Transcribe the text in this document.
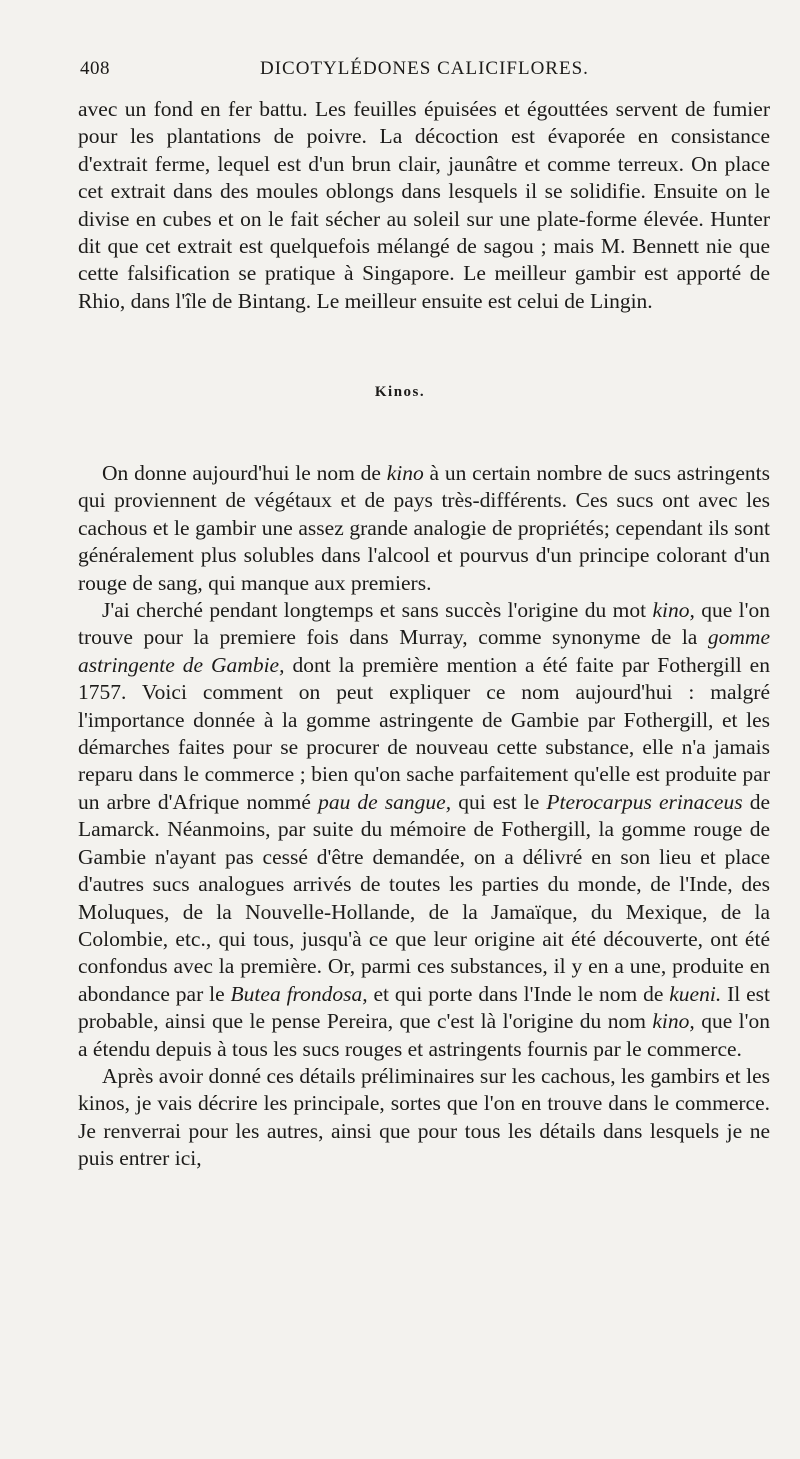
408	DICOTYLÉDONES CALICIFLORES.

avec un fond en fer battu. Les feuilles épuisées et égouttées servent de fumier pour les plantations de poivre. La décoction est évaporée en consistance d'extrait ferme, lequel est d'un brun clair, jaunâtre et comme terreux. On place cet extrait dans des moules oblongs dans lesquels il se solidifie. Ensuite on le divise en cubes et on le fait sécher au soleil sur une plate-forme élevée. Hunter dit que cet extrait est quelquefois mélangé de sagou ; mais M. Bennett nie que cette falsification se pratique à Singapore. Le meilleur gambir est apporté de Rhio, dans l'île de Bintang. Le meilleur ensuite est celui de Lingin.

Kinos.

On donne aujourd'hui le nom de kino à un certain nombre de sucs astringents qui proviennent de végétaux et de pays très-différents. Ces sucs ont avec les cachous et le gambir une assez grande analogie de propriétés; cependant ils sont généralement plus solubles dans l'alcool et pourvus d'un principe colorant d'un rouge de sang, qui manque aux premiers.

J'ai cherché pendant longtemps et sans succès l'origine du mot kino, que l'on trouve pour la premiere fois dans Murray, comme synonyme de la gomme astringente de Gambie, dont la première mention a été faite par Fothergill en 1757. Voici comment on peut expliquer ce nom aujourd'hui : malgré l'importance donnée à la gomme astringente de Gambie par Fothergill, et les démarches faites pour se procurer de nouveau cette substance, elle n'a jamais reparu dans le commerce ; bien qu'on sache parfaitement qu'elle est produite par un arbre d'Afrique nommé pau de sangue, qui est le Pterocarpus erinaceus de Lamarck. Néanmoins, par suite du mémoire de Fothergill, la gomme rouge de Gambie n'ayant pas cessé d'être demandée, on a délivré en son lieu et place d'autres sucs analogues arrivés de toutes les parties du monde, de l'Inde, des Moluques, de la Nouvelle-Hollande, de la Jamaïque, du Mexique, de la Colombie, etc., qui tous, jusqu'à ce que leur origine ait été découverte, ont été confondus avec la première. Or, parmi ces substances, il y en a une, produite en abondance par le Butea frondosa, et qui porte dans l'Inde le nom de kueni. Il est probable, ainsi que le pense Pereira, que c'est là l'origine du nom kino, que l'on a étendu depuis à tous les sucs rouges et astringents fournis par le commerce.

Après avoir donné ces détails préliminaires sur les cachous, les gambirs et les kinos, je vais décrire les principale, sortes que l'on en trouve dans le commerce. Je renverrai pour les autres, ainsi que pour tous les détails dans lesquels je ne puis entrer ici,
